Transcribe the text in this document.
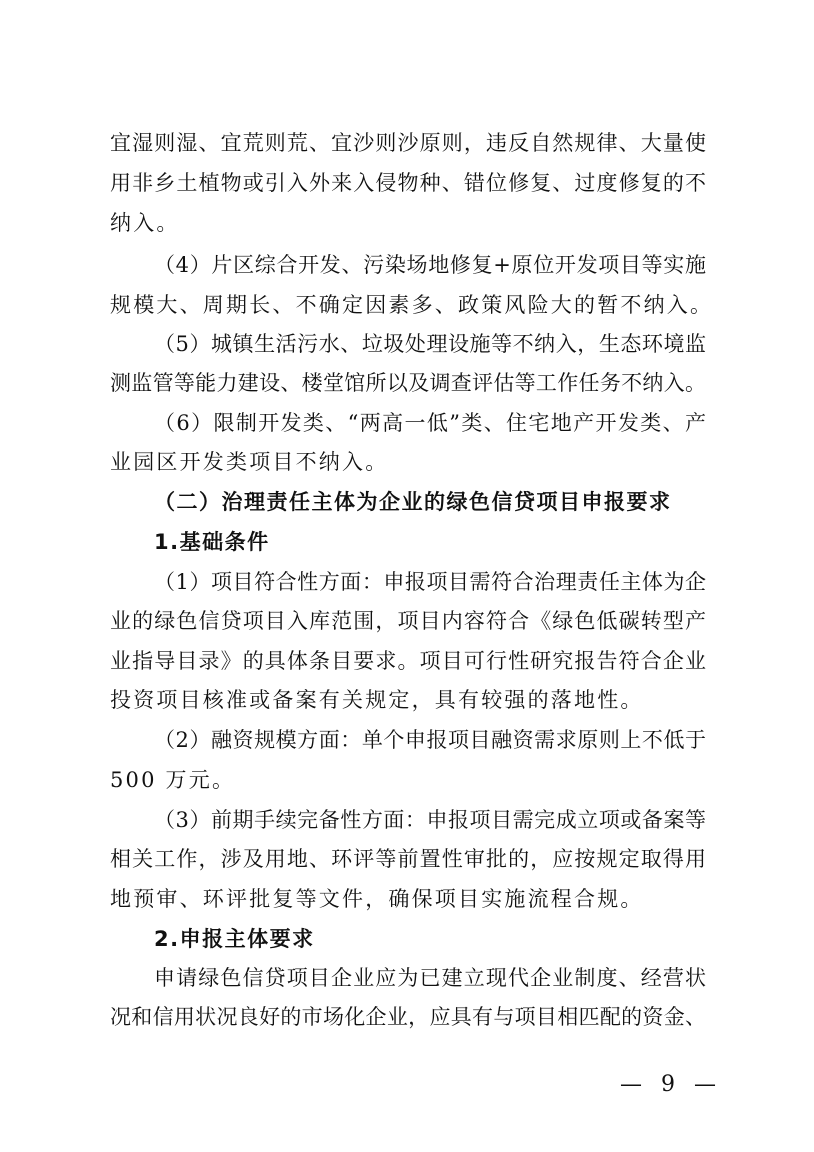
宜湿则湿、宜荒则荒、宜沙则沙原则，违反自然规律、大量使

用非乡土植物或引入外来入侵物种、错位修复、过度修复的不

纳入。

（4）片区综合开发、污染场地修复+原位开发项目等实施

规模大、周期长、不确定因素多、政策风险大的暂不纳入。

（5）城镇生活污水、垃圾处理设施等不纳入，生态环境监

测监管等能力建设、楼堂馆所以及调查评估等工作任务不纳入。

（6）限制开发类、“两高一低”类、住宅地产开发类、产

业园区开发类项目不纳入。

（二）治理责任主体为企业的绿色信贷项目申报要求

1.基础条件

（1）项目符合性方面：申报项目需符合治理责任主体为企

业的绿色信贷项目入库范围，项目内容符合《绿色低碳转型产

业指导目录》的具体条目要求。项目可行性研究报告符合企业

投资项目核准或备案有关规定，具有较强的落地性。

（2）融资规模方面：单个申报项目融资需求原则上不低于

500 万元。

（3）前期手续完备性方面：申报项目需完成立项或备案等

相关工作，涉及用地、环评等前置性审批的，应按规定取得用

地预审、环评批复等文件，确保项目实施流程合规。

2.申报主体要求

申请绿色信贷项目企业应为已建立现代企业制度、经营状

况和信用状况良好的市场化企业，应具有与项目相匹配的资金、

— 9 —
